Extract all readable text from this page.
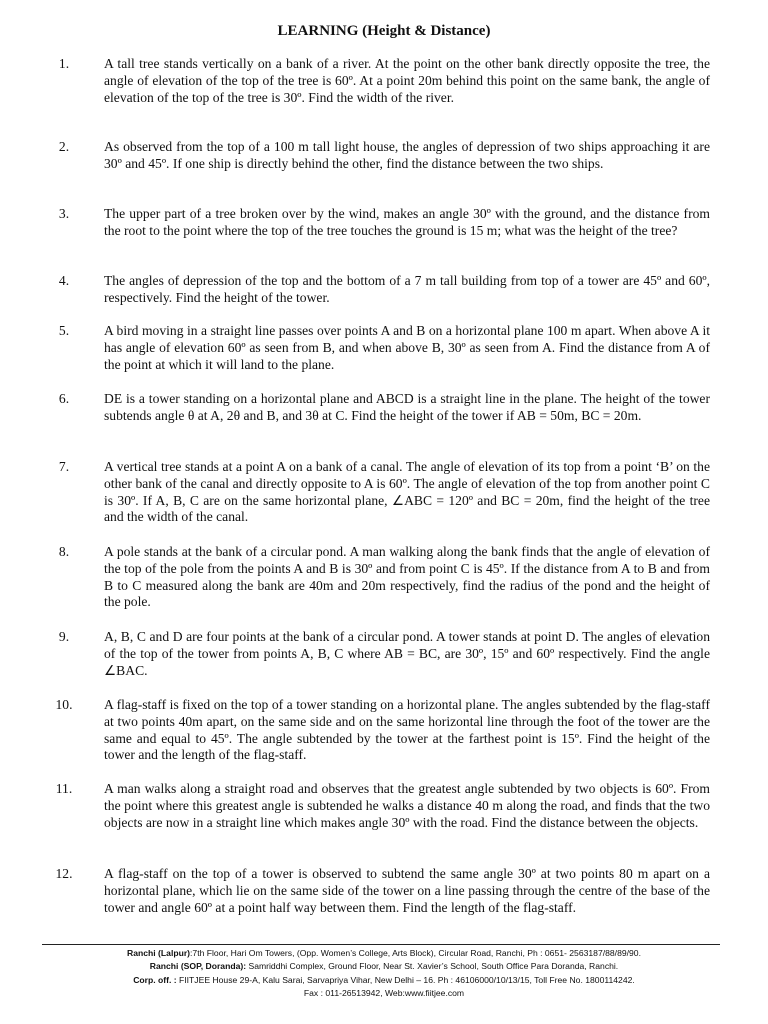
LEARNING (Height & Distance)
1.	A tall tree stands vertically on a bank of a river. At the point on the other bank directly opposite the tree, the angle of elevation of the top of the tree is 60º. At a point 20m behind this point on the same bank, the angle of elevation of the top of the tree is 30º. Find the width of the river.
2.	As observed from the top of a 100 m tall light house, the angles of depression of two ships approaching it are 30º and 45º. If one ship is directly behind the other, find the distance between the two ships.
3.	The upper part of a tree broken over by the wind, makes an angle 30º with the ground, and the distance from the root to the point where the top of the tree touches the ground is 15 m; what was the height of the tree?
4.	The angles of depression of the top and the bottom of a 7 m tall building from top of a tower are 45º and 60º, respectively. Find the height of the tower.
5.	A bird moving in a straight line passes over points A and B on a horizontal plane 100 m apart. When above A it has angle of elevation 60º as seen from B, and when above B, 30º as seen from A. Find the distance from A of the point at which it will land to the plane.
6.	DE is a tower standing on a horizontal plane and ABCD is a straight line in the plane. The height of the tower subtends angle θ at A, 2θ and B, and 3θ at C. Find the height of the tower if AB = 50m, BC = 20m.
7.	A vertical tree stands at a point A on a bank of a canal. The angle of elevation of its top from a point ‘B’ on the other bank of the canal and directly opposite to A is 60º. The angle of elevation of the top from another point C is 30º. If A, B, C are on the same horizontal plane, ∠ABC = 120º and BC = 20m, find the height of the tree and the width of the canal.
8.	A pole stands at the bank of a circular pond. A man walking along the bank finds that the angle of elevation of the top of the pole from the points A and B is 30º and from point C is 45º. If the distance from A to B and from B to C measured along the bank are 40m and 20m respectively, find the radius of the pond and the height of the pole.
9.	A, B, C and D are four points at the bank of a circular pond. A tower stands at point D. The angles of elevation of the top of the tower from points A, B, C where AB = BC, are 30º, 15º and 60º respectively. Find the angle ∠BAC.
10.	A flag-staff is fixed on the top of a tower standing on a horizontal plane. The angles subtended by the flag-staff at two points 40m apart, on the same side and on the same horizontal line through the foot of the tower are the same and equal to 45º. The angle subtended by the tower at the farthest point is 15º. Find the height of the tower and the length of the flag-staff.
11.	A man walks along a straight road and observes that the greatest angle subtended by two objects is 60º. From the point where this greatest angle is subtended he walks a distance 40 m along the road, and finds that the two objects are now in a straight line which makes angle 30º with the road. Find the distance between the objects.
12.	A flag-staff on the top of a tower is observed to subtend the same angle 30º at two points 80 m apart on a horizontal plane, which lie on the same side of the tower on a line passing through the centre of the base of the tower and angle 60º at a point half way between them. Find the length of the flag-staff.
Ranchi (Lalpur):7th Floor, Hari Om Towers, (Opp. Women’s College, Arts Block), Circular Road, Ranchi, Ph : 0651- 2563187/88/89/90.
Ranchi (SOP, Doranda): Samriddhi Complex, Ground Floor, Near St. Xavier’s School, South Office Para Doranda, Ranchi.
Corp. off. : FIITJEE House 29-A, Kalu Sarai, Sarvapriya Vihar, New Delhi – 16. Ph : 46106000/10/13/15, Toll Free No. 1800114242.
Fax : 011-26513942, Web:www.fiitjee.com
